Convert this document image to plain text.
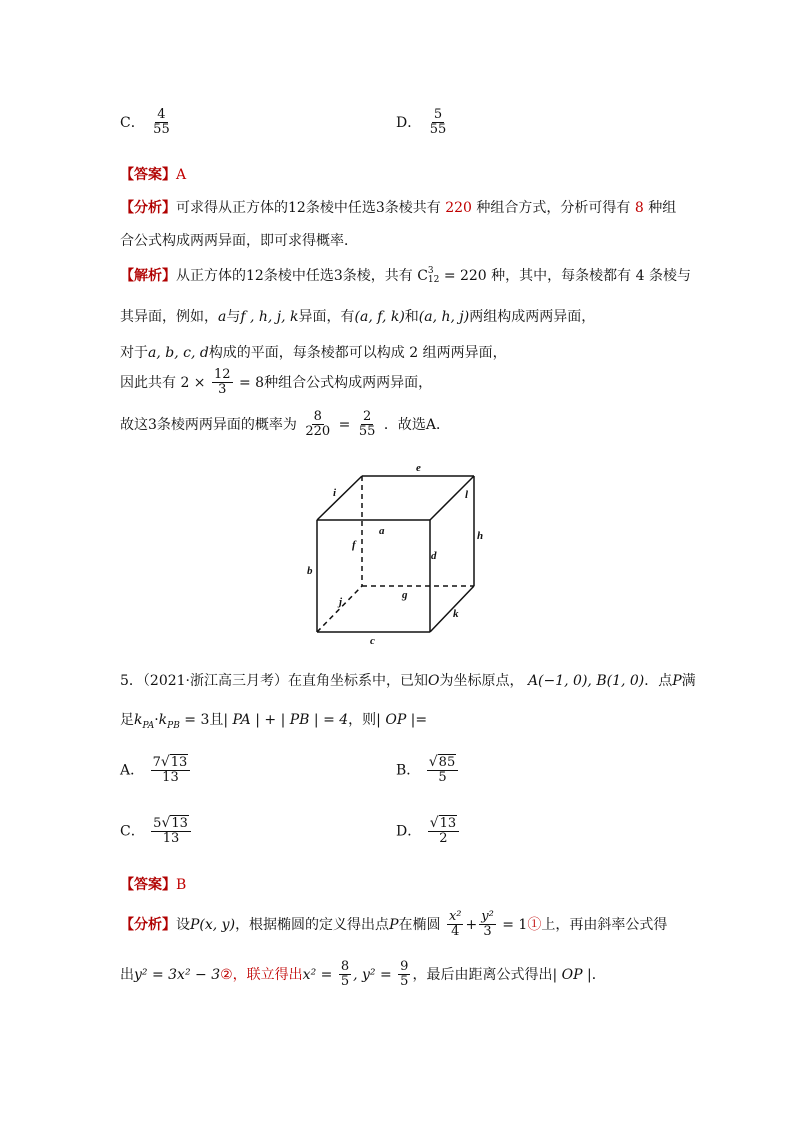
C． $\frac{4}{55}$	D． $\frac{5}{55}$
【答案】A
【分析】可求得从正方体的12条棱中任选3条棱共有 220 种组合方式，分析可得有 8 种组
合公式构成两两异面，即可求得概率．
【解析】从正方体的12条棱中任选3条棱，共有 C 3
12 = 220 种，其中，每条棱都有 4 条棱与
其异面，例如，a与f , h, j, k异面，有(a, f, k)和(a, h, j)两组构成两两异面，
对于a, b, c, d构成的平面，每条棱都可以构成 2 组两两异面，
因此共有 $2 \times \frac{12}{3} = 8$种组合公式构成两两异面，
故这3条棱两两异面的概率为 $\frac{8}{220} = \frac{2}{55}$ ．故选A．
e
i	l
a	h
f
d
b
g
j
k
c
5．（2021·浙江高三月考）在直角坐标系中，已知O为坐标原点， A(−1, 0), B(1, 0)．点P满
足$k_{PA}\cdot k_{PB} = 3$且| PA | + | PB | = 4，则| OP |=
A． $\frac{7√13}{13}$	B． $\frac{√85}{5}$
C． $\frac{5√13}{13}$	D． $\frac{√13}{2}$
【答案】B
【分析】设P(x, y)，根据椭圆的定义得出点P在椭圆 $\frac{\text{x²}}{4} + \frac{\text{y²}}{3}$ = 1①上，再由斜率公式得
出y² = 3x² − 3②，联立得出$x^2 = \frac{8}{5}$ , $y^2 = \frac{9}{5}$ ，最后由距离公式得出| OP |．
